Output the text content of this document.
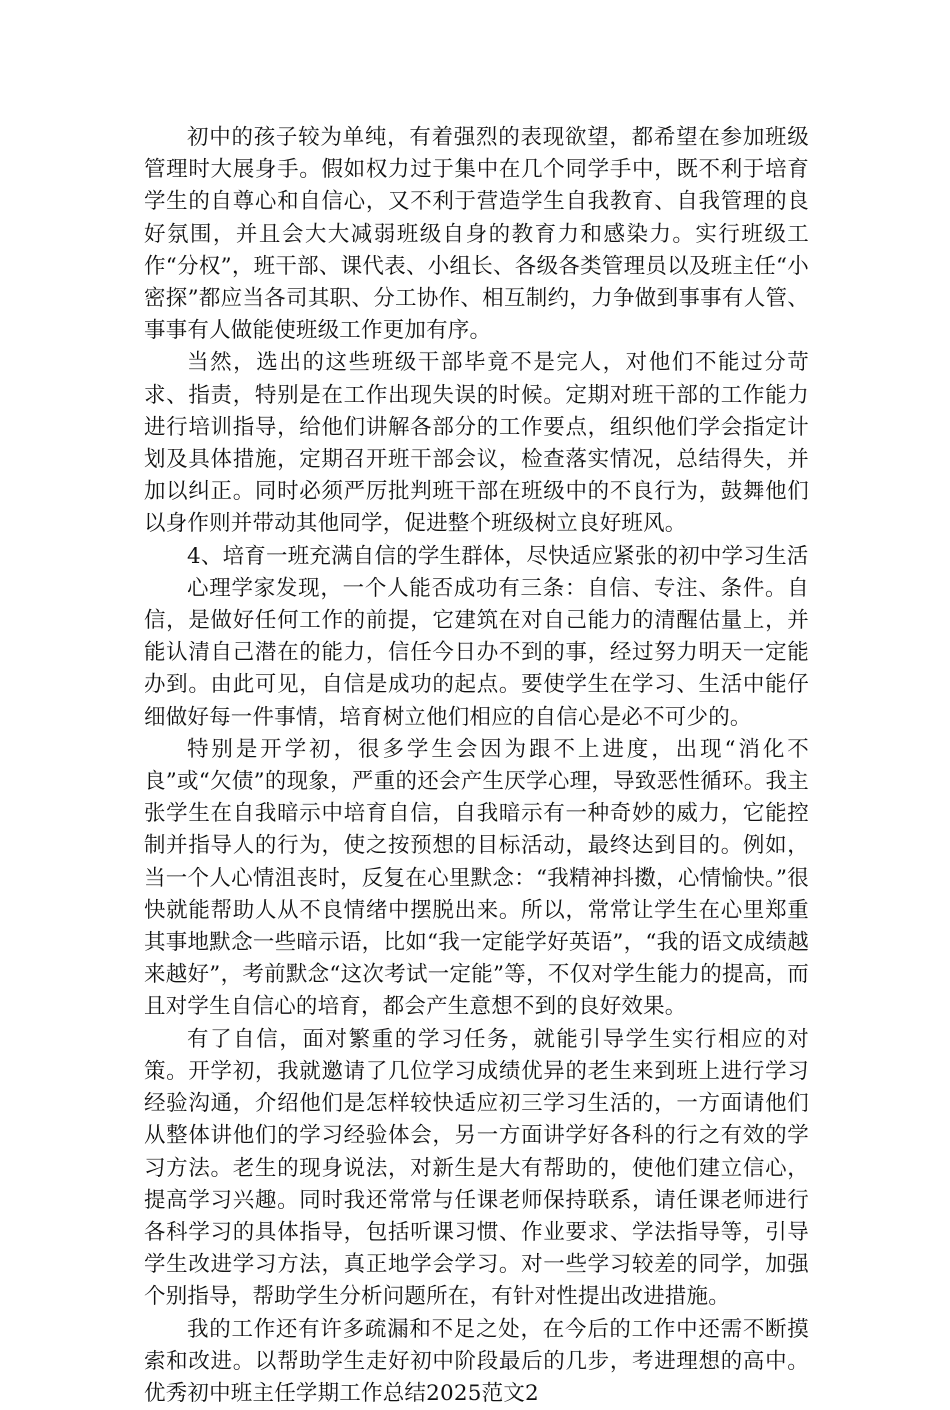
初中的孩子较为单纯，有着强烈的表现欲望，都希望在参加班级管理时大展身手。假如权力过于集中在几个同学手中，既不利于培育学生的自尊心和自信心，又不利于营造学生自我教育、自我管理的良好氛围，并且会大大减弱班级自身的教育力和感染力。实行班级工作“分权”，班干部、课代表、小组长、各级各类管理员以及班主任“小密探”都应当各司其职、分工协作、相互制约，力争做到事事有人管、事事有人做能使班级工作更加有序。

当然，选出的这些班级干部毕竟不是完人，对他们不能过分苛求、指责，特别是在工作出现失误的时候。定期对班干部的工作能力进行培训指导，给他们讲解各部分的工作要点，组织他们学会指定计划及具体措施，定期召开班干部会议，检查落实情况，总结得失，并加以纠正。同时必须严厉批判班干部在班级中的不良行为，鼓舞他们以身作则并带动其他同学，促进整个班级树立良好班风。

4、培育一班充满自信的学生群体，尽快适应紧张的初中学习生活

心理学家发现，一个人能否成功有三条：自信、专注、条件。自信，是做好任何工作的前提，它建筑在对自己能力的清醒估量上，并能认清自己潜在的能力，信任今日办不到的事，经过努力明天一定能办到。由此可见，自信是成功的起点。要使学生在学习、生活中能仔细做好每一件事情，培育树立他们相应的自信心是必不可少的。

特别是开学初，很多学生会因为跟不上进度，出现“消化不良”或“欠债”的现象，严重的还会产生厌学心理，导致恶性循环。我主张学生在自我暗示中培育自信，自我暗示有一种奇妙的威力，它能控制并指导人的行为，使之按预想的目标活动，最终达到目的。例如，当一个人心情沮丧时，反复在心里默念：“我精神抖擞，心情愉快。”很快就能帮助人从不良情绪中摆脱出来。所以，常常让学生在心里郑重其事地默念一些暗示语，比如“我一定能学好英语”，“我的语文成绩越来越好”，考前默念“这次考试一定能”等，不仅对学生能力的提高，而且对学生自信心的培育，都会产生意想不到的良好效果。

有了自信，面对繁重的学习任务，就能引导学生实行相应的对策。开学初，我就邀请了几位学习成绩优异的老生来到班上进行学习经验沟通，介绍他们是怎样较快适应初三学习生活的，一方面请他们从整体讲他们的学习经验体会，另一方面讲学好各科的行之有效的学习方法。老生的现身说法，对新生是大有帮助的，使他们建立信心，提高学习兴趣。同时我还常常与任课老师保持联系，请任课老师进行各科学习的具体指导，包括听课习惯、作业要求、学法指导等，引导学生改进学习方法，真正地学会学习。对一些学习较差的同学，加强个别指导，帮助学生分析问题所在，有针对性提出改进措施。

我的工作还有许多疏漏和不足之处，在今后的工作中还需不断摸索和改进。以帮助学生走好初中阶段最后的几步，考进理想的高中。优秀初中班主任学期工作总结2025范文2
